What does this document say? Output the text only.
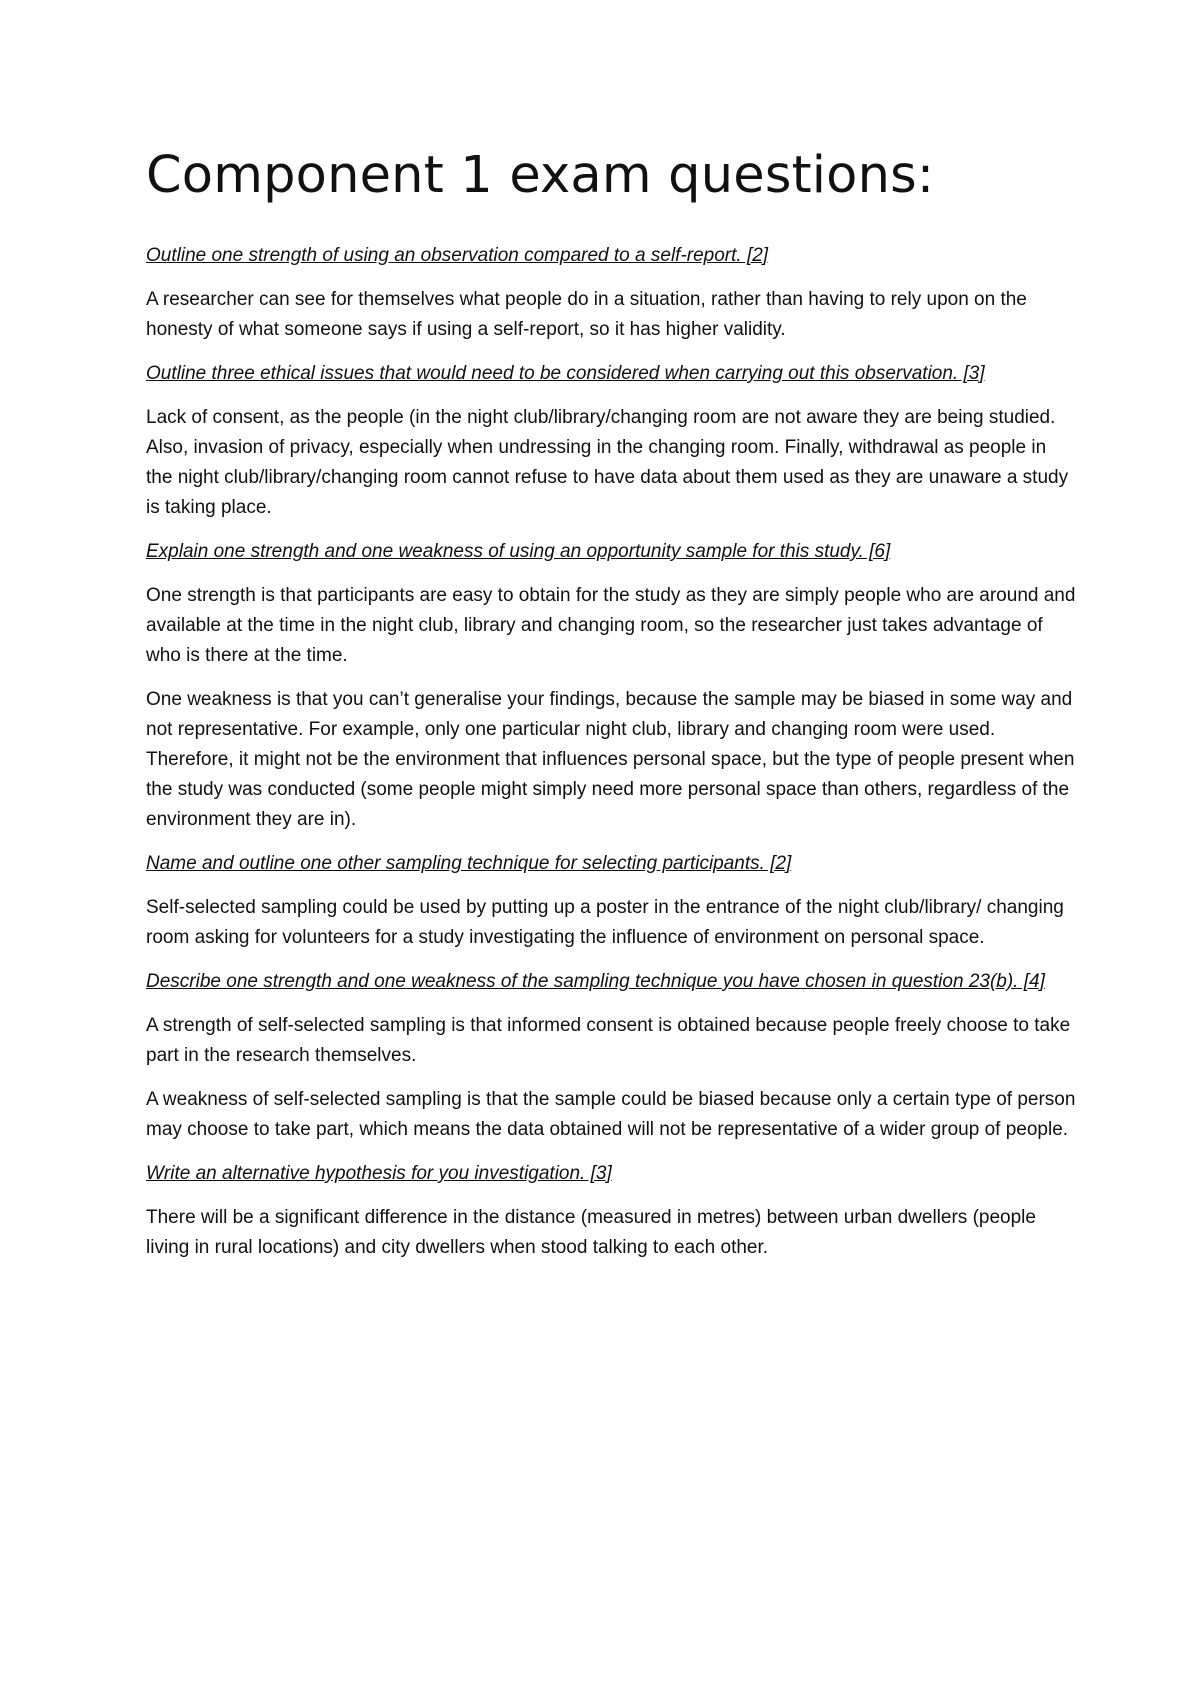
Component 1 exam questions:

Outline one strength of using an observation compared to a self-report. [2]

A researcher can see for themselves what people do in a situation, rather than having to rely upon on the honesty of what someone says if using a self-report, so it has higher validity.

Outline three ethical issues that would need to be considered when carrying out this observation. [3]

Lack of consent, as the people (in the night club/library/changing room are not aware they are being studied. Also, invasion of privacy, especially when undressing in the changing room. Finally, withdrawal as people in the night club/library/changing room cannot refuse to have data about them used as they are unaware a study is taking place.

Explain one strength and one weakness of using an opportunity sample for this study. [6]

One strength is that participants are easy to obtain for the study as they are simply people who are around and available at the time in the night club, library and changing room, so the researcher just takes advantage of who is there at the time.

One weakness is that you can’t generalise your findings, because the sample may be biased in some way and not representative. For example, only one particular night club, library and changing room were used. Therefore, it might not be the environment that influences personal space, but the type of people present when the study was conducted (some people might simply need more personal space than others, regardless of the environment they are in).

Name and outline one other sampling technique for selecting participants. [2]

Self-selected sampling could be used by putting up a poster in the entrance of the night club/library/ changing room asking for volunteers for a study investigating the influence of environment on personal space.

Describe one strength and one weakness of the sampling technique you have chosen in question 23(b). [4]

A strength of self-selected sampling is that informed consent is obtained because people freely choose to take part in the research themselves.

A weakness of self-selected sampling is that the sample could be biased because only a certain type of person may choose to take part, which means the data obtained will not be representative of a wider group of people.

Write an alternative hypothesis for you investigation. [3]

There will be a significant difference in the distance (measured in metres) between urban dwellers (people living in rural locations) and city dwellers when stood talking to each other.
